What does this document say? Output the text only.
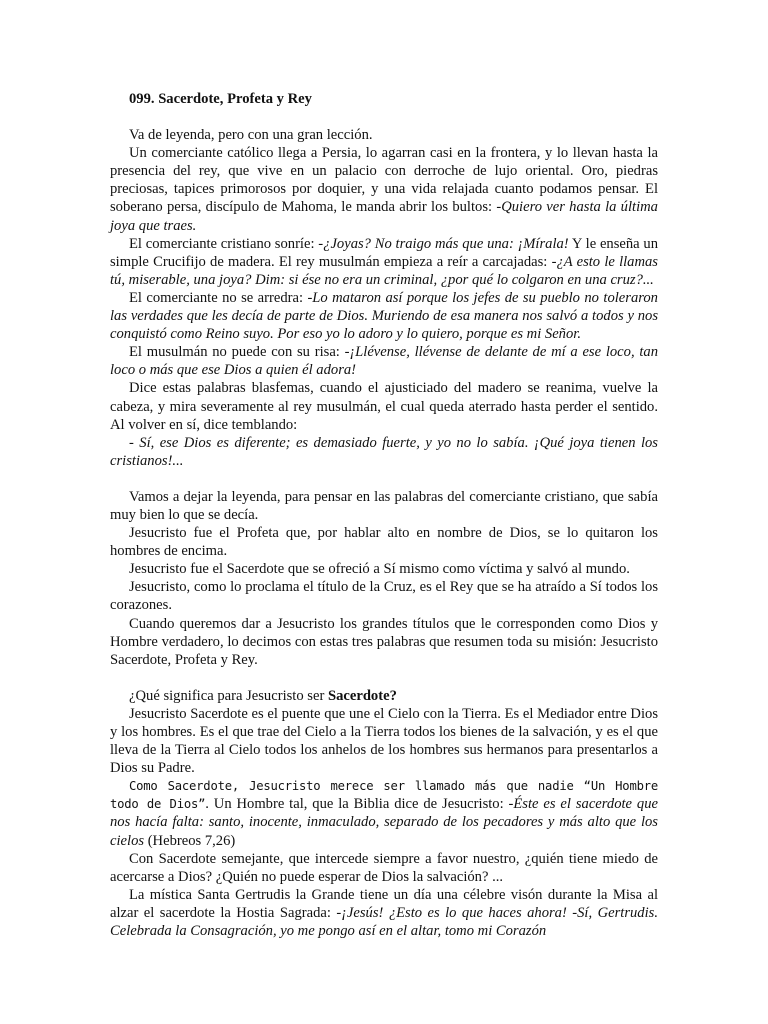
099. Sacerdote, Profeta y Rey

Va de leyenda, pero con una gran lección.

Un comerciante católico llega a Persia, lo agarran casi en la frontera, y lo llevan hasta la presencia del rey, que vive en un palacio con derroche de lujo oriental. Oro, piedras preciosas, tapices primorosos por doquier, y una vida relajada cuanto podamos pensar. El soberano persa, discípulo de Mahoma, le manda abrir los bultos: -Quiero ver hasta la última joya que traes.

El comerciante cristiano sonríe: -¿Joyas? No traigo más que una: ¡Mírala! Y le enseña un simple Crucifijo de madera. El rey musulmán empieza a reír a carcajadas: -¿A esto le llamas tú, miserable, una joya? Dim: si ése no era un criminal, ¿por qué lo colgaron en una cruz?...

El comerciante no se arredra: -Lo mataron así porque los jefes de su pueblo no toleraron las verdades que les decía de parte de Dios. Muriendo de esa manera nos salvó a todos y nos conquistó como Reino suyo. Por eso yo lo adoro y lo quiero, porque es mi Señor.

El musulmán no puede con su risa: -¡Llévense, llévense de delante de mí a ese loco, tan loco o más que ese Dios a quien él adora!

Dice estas palabras blasfemas, cuando el ajusticiado del madero se reanima, vuelve la cabeza, y mira severamente al rey musulmán, el cual queda aterrado hasta perder el sentido. Al volver en sí, dice temblando:

- Sí, ese Dios es diferente; es demasiado fuerte, y yo no lo sabía. ¡Qué joya tienen los cristianos!...

Vamos a dejar la leyenda, para pensar en las palabras del comerciante cristiano, que sabía muy bien lo que se decía.

Jesucristo fue el Profeta que, por hablar alto en nombre de Dios, se lo quitaron los hombres de encima.

Jesucristo fue el Sacerdote que se ofreció a Sí mismo como víctima y salvó al mundo.

Jesucristo, como lo proclama el título de la Cruz, es el Rey que se ha atraído a Sí todos los corazones.

Cuando queremos dar a Jesucristo los grandes títulos que le corresponden como Dios y Hombre verdadero, lo decimos con estas tres palabras que resumen toda su misión: Jesucristo Sacerdote, Profeta y Rey.

¿Qué significa para Jesucristo ser Sacerdote?

Jesucristo Sacerdote es el puente que une el Cielo con la Tierra. Es el Mediador entre Dios y los hombres. Es el que trae del Cielo a la Tierra todos los bienes de la salvación, y es el que lleva de la Tierra al Cielo todos los anhelos de los hombres sus hermanos para presentarlos a Dios su Padre.

Como Sacerdote, Jesucristo merece ser llamado más que nadie “Un Hombre todo de Dios”. Un Hombre tal, que la Biblia dice de Jesucristo: -Éste es el sacerdote que nos hacía falta: santo, inocente, inmaculado, separado de los pecadores y más alto que los cielos (Hebreos 7,26)

Con Sacerdote semejante, que intercede siempre a favor nuestro, ¿quién tiene miedo de acercarse a Dios? ¿Quién no puede esperar de Dios la salvación? ...

La mística Santa Gertrudis la Grande tiene un día una célebre visón durante la Misa al alzar el sacerdote la Hostia Sagrada: -¡Jesús! ¿Esto es lo que haces ahora! -Sí, Gertrudis. Celebrada la Consagración, yo me pongo así en el altar, tomo mi Corazón
